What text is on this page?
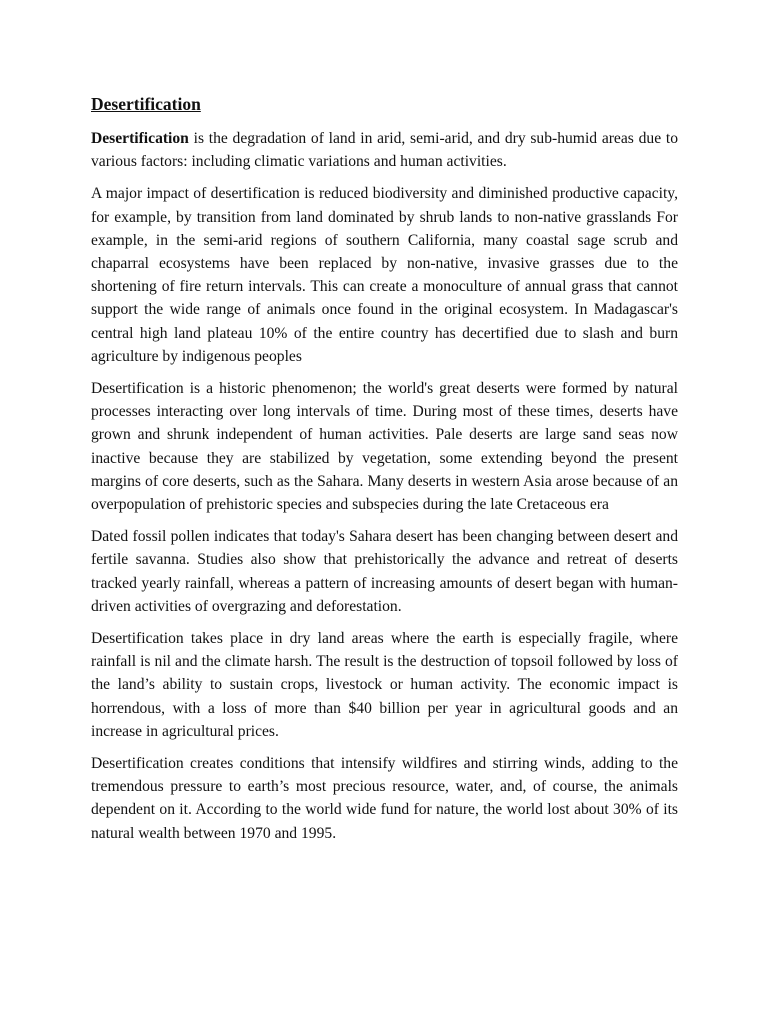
Desertification

Desertification is the degradation of land in arid, semi-arid, and dry sub-humid areas due to various factors: including climatic variations and human activities.

A major impact of desertification is reduced biodiversity and diminished productive capacity, for example, by transition from land dominated by shrub lands to non-native grasslands For example, in the semi-arid regions of southern California, many coastal sage scrub and chaparral ecosystems have been replaced by non-native, invasive grasses due to the shortening of fire return intervals. This can create a monoculture of annual grass that cannot support the wide range of animals once found in the original ecosystem. In Madagascar's central high land plateau 10% of the entire country has decertified due to slash and burn agriculture by indigenous peoples

Desertification is a historic phenomenon; the world's great deserts were formed by natural processes interacting over long intervals of time. During most of these times, deserts have grown and shrunk independent of human activities. Pale deserts are large sand seas now inactive because they are stabilized by vegetation, some extending beyond the present margins of core deserts, such as the Sahara. Many deserts in western Asia arose because of an overpopulation of prehistoric species and subspecies during the late Cretaceous era

Dated fossil pollen indicates that today's Sahara desert has been changing between desert and fertile savanna. Studies also show that prehistorically the advance and retreat of deserts tracked yearly rainfall, whereas a pattern of increasing amounts of desert began with human-driven activities of overgrazing and deforestation.

Desertification takes place in dry land areas where the earth is especially fragile, where rainfall is nil and the climate harsh. The result is the destruction of topsoil followed by loss of the land’s ability to sustain crops, livestock or human activity. The economic impact is horrendous, with a loss of more than $40 billion per year in agricultural goods and an increase in agricultural prices.

Desertification creates conditions that intensify wildfires and stirring winds, adding to the tremendous pressure to earth’s most precious resource, water, and, of course, the animals dependent on it. According to the world wide fund for nature, the world lost about 30% of its natural wealth between 1970 and 1995.
